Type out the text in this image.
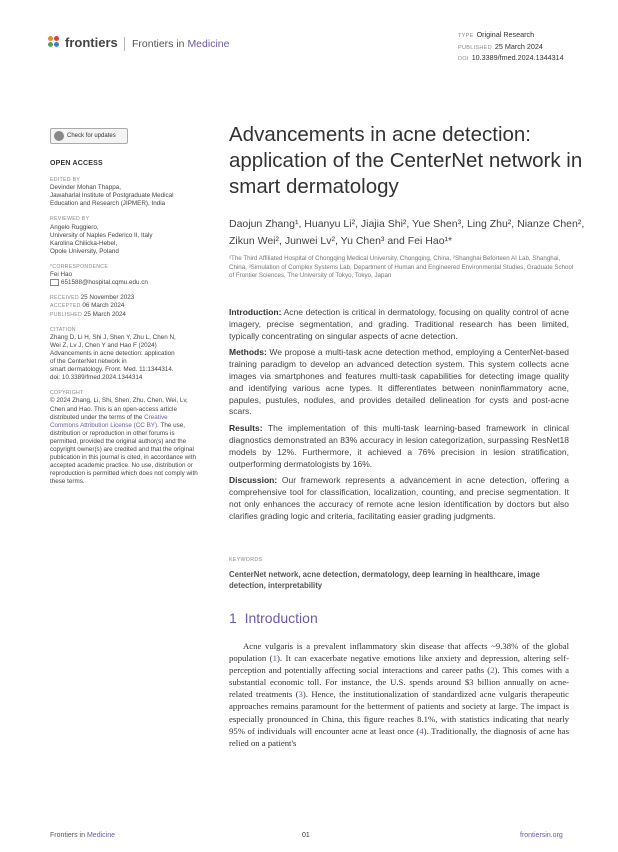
frontiers Frontiers in Medicine
TYPE Original Research
PUBLISHED 25 March 2024
DOI 10.3389/fmed.2024.1344314
Check for updates
OPEN ACCESS
EDITED BY
Devinder Mohan Thappa,
Jawaharlal Institute of Postgraduate Medical
Education and Research (JIPMER), India
REVIEWED BY
Angelo Ruggiero,
University of Naples Federico II, Italy
Karolina Chilicka-Hebel,
Opole University, Poland
*CORRESPONDENCE
Fei Hao
651588@hospital.cqmu.edu.cn
RECEIVED 25 November 2023
ACCEPTED 06 March 2024
PUBLISHED 25 March 2024
CITATION
Zhang D, Li H, Shi J, Shen Y, Zhu L, Chen N,
Wei Z, Lv J, Chen Y and Hao F (2024)
Advancements in acne detection: application
of the CenterNet network in
smart dermatology. Front. Med. 11:1344314.
doi: 10.3389/fmed.2024.1344314
COPYRIGHT
© 2024 Zhang, Li, Shi, Shen, Zhu, Chen, Wei, Lv, Chen and Hao. This is an open-access article distributed under the terms of the Creative Commons Attribution License (CC BY). The use, distribution or reproduction in other forums is permitted, provided the original author(s) and the copyright owner(s) are credited and that the original publication in this journal is cited, in accordance with accepted academic practice. No use, distribution or reproduction is permitted which does not comply with these terms.
Advancements in acne detection: application of the CenterNet network in smart dermatology
Daojun Zhang¹, Huanyu Li², Jiajia Shi², Yue Shen³, Ling Zhu², Nianze Chen², Zikun Wei², Junwei Lv², Yu Chen³ and Fei Hao¹*
¹The Third Affiliated Hospital of Chongqing Medical University, Chongqing, China, ²Shanghai Beforteen AI Lab, Shanghai, China, ³Simulation of Complex Systems Lab, Department of Human and Engineered Environmental Studies, Graduate School of Frontier Sciences, The University of Tokyo, Tokyo, Japan

Introduction: Acne detection is critical in dermatology, focusing on quality control of acne imagery, precise segmentation, and grading. Traditional research has been limited, typically concentrating on singular aspects of acne detection.

Methods: We propose a multi-task acne detection method, employing a CenterNet-based training paradigm to develop an advanced detection system. This system collects acne images via smartphones and features multi-task capabilities for detecting image quality and identifying various acne types. It differentiates between noninflammatory acne, papules, pustules, nodules, and provides detailed delineation for cysts and post-acne scars.

Results: The implementation of this multi-task learning-based framework in clinical diagnostics demonstrated an 83% accuracy in lesion categorization, surpassing ResNet18 models by 12%. Furthermore, it achieved a 76% precision in lesion stratification, outperforming dermatologists by 16%.

Discussion: Our framework represents a advancement in acne detection, offering a comprehensive tool for classification, localization, counting, and precise segmentation. It not only enhances the accuracy of remote acne lesion identification by doctors but also clarifies grading logic and criteria, facilitating easier grading judgments.

KEYWORDS
CenterNet network, acne detection, dermatology, deep learning in healthcare, image detection, interpretability
1 Introduction
Acne vulgaris is a prevalent inflammatory skin disease that affects ~9.38% of the global population (1). It can exacerbate negative emotions like anxiety and depression, altering self-perception and potentially affecting social interactions and career paths (2). This comes with a substantial economic toll. For instance, the U.S. spends around $3 billion annually on acne-related treatments (3). Hence, the institutionalization of standardized acne vulgaris therapeutic approaches remains paramount for the betterment of patients and society at large. The impact is especially pronounced in China, this figure reaches 8.1%, with statistics indicating that nearly 95% of individuals will encounter acne at least once (4). Traditionally, the diagnosis of acne has relied on a patient's
Frontiers in Medicine	01	frontiersin.org
